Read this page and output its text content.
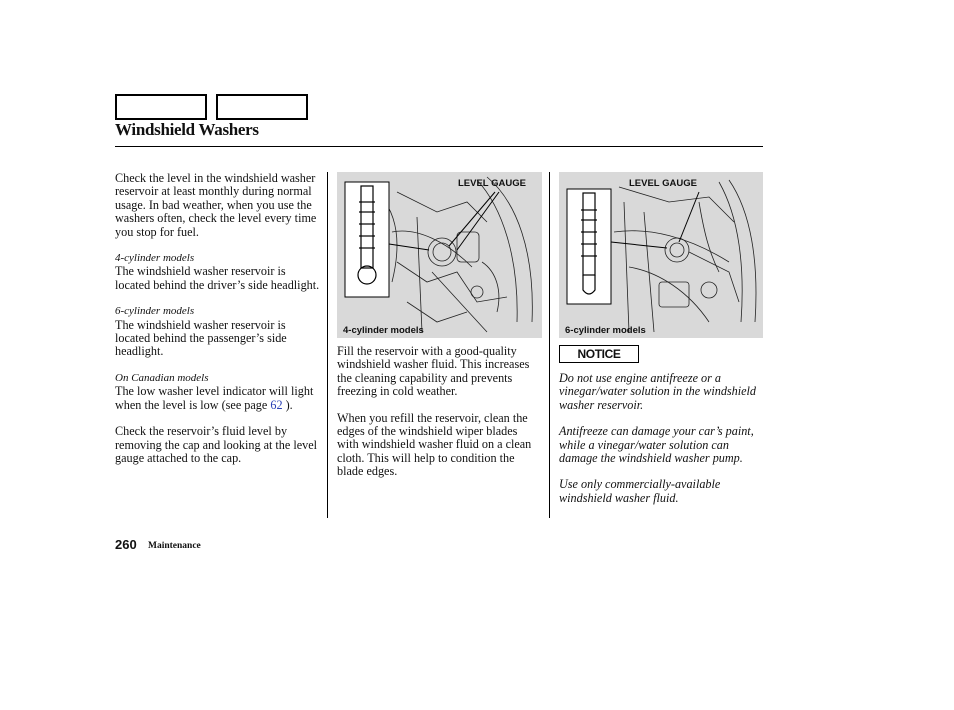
Windshield Washers

Check the level in the windshield washer reservoir at least monthly during normal usage. In bad weather, when you use the washers often, check the level every time you stop for fuel.

4-cylinder models

The windshield washer reservoir is located behind the driver’s side headlight.

6-cylinder models

The windshield washer reservoir is located behind the passenger’s side headlight.

On Canadian models

The low washer level indicator will light when the level is low (see page 62 ).

Check the reservoir’s fluid level by removing the cap and looking at the level gauge attached to the cap.

LEVEL GAUGE
4-cylinder models
LEVEL GAUGE
6-cylinder models

Fill the reservoir with a good-quality windshield washer fluid. This increases the cleaning capability and prevents freezing in cold weather.

When you refill the reservoir, clean the edges of the windshield wiper blades with windshield washer fluid on a clean cloth. This will help to condition the blade edges.

NOTICE

Do not use engine antifreeze or a vinegar/water solution in the windshield washer reservoir.

Antifreeze can damage your car’s paint, while a vinegar/water solution can damage the windshield washer pump.

Use only commercially-available windshield washer fluid.

260 Maintenance
